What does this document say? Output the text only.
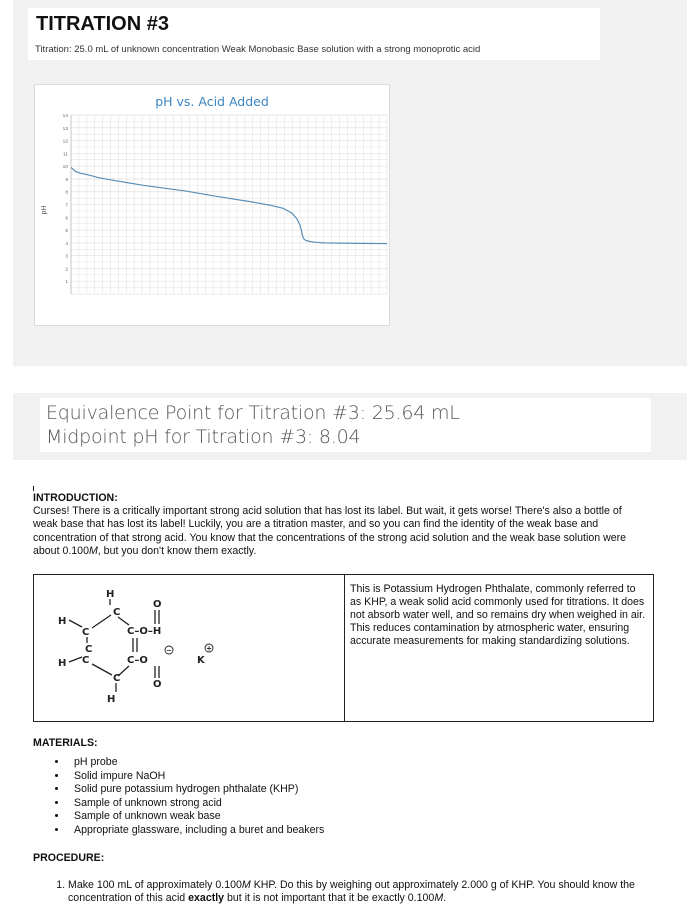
TITRATION #3

Titration: 25.0 mL of unknown concentration Weak Monobasic Base solution with a strong monoprotic acid

pH vs. Acid Added
pH
1
2
3
4
5
6
7
8
9
10
11
12
13
14
Equivalence Point for Titration #3: 25.64 mL
Midpoint pH for Titration #3: 8.04
INTRODUCTION:
Curses! There is a critically important strong acid solution that has lost its label. But wait, it gets worse! There's also a bottle of weak base that has lost its label! Luckily, you are a titration master, and so you can find the identity of the weak base and concentration of that strong acid. You know that the concentrations of the strong acid solution and the weak base solution were about 0.100M, but you don't know them exactly.
H
C
H
C	C–O–H
O
C
H C	C–O	K
O
C
H
−	+
	This is Potassium Hydrogen Phthalate, commonly referred to as KHP, a weak solid acid commonly used for titrations. It does not absorb water well, and so remains dry when weighed in air. This reduces contamination by atmospheric water, ensuring accurate measurements for making standardizing solutions.
MATERIALS:
• pH probe
• Solid impure NaOH
• Solid pure potassium hydrogen phthalate (KHP)
• Sample of unknown strong acid
• Sample of unknown weak base
• Appropriate glassware, including a buret and beakers
PROCEDURE:
1. Make 100 mL of approximately 0.100M KHP. Do this by weighing out approximately 2.000 g of KHP. You should know the concentration of this acid exactly but it is not important that it be exactly 0.100M.
